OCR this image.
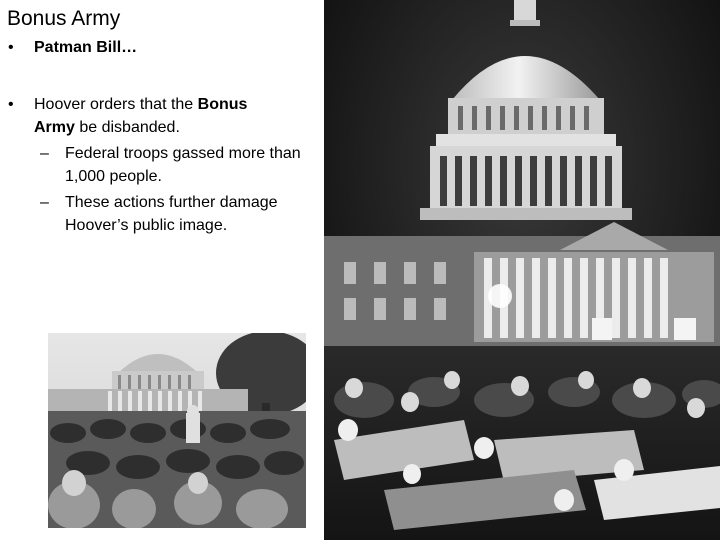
Bonus Army
•	Patman Bill…
•	Hoover orders that the Bonus
Army be disbanded.
– Federal troops gassed more than 1,000 people.
– These actions further damage Hoover’s public image.
